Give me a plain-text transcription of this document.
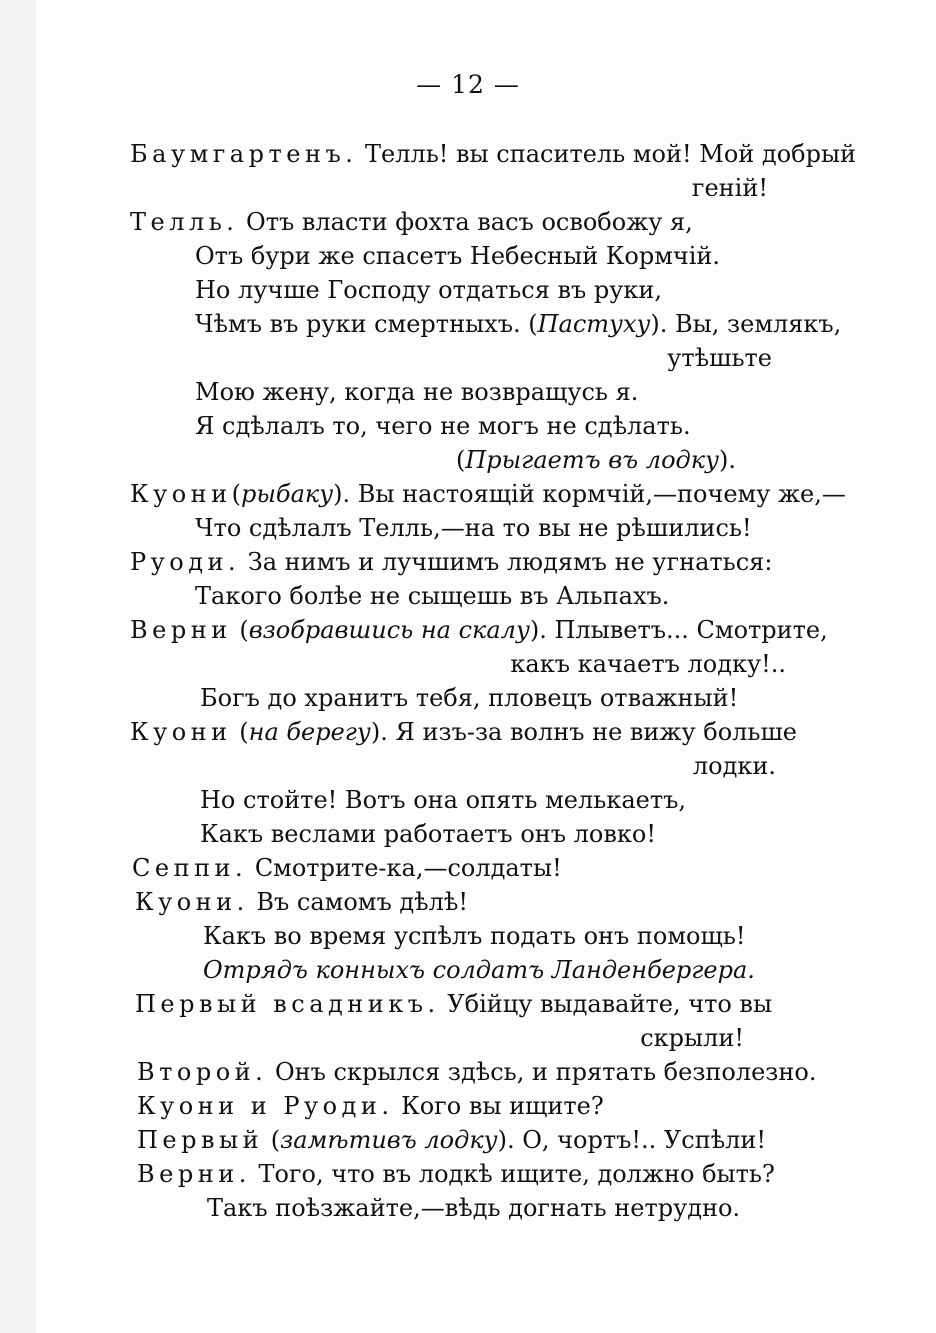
— 12 —
Баумгартенъ. Телль! вы спаситель мой! Мой добрый
геній!
Телль. Отъ власти фохта васъ освобожу я,
Отъ бури же спасетъ Небесный Кормчій.
Но лучше Господу отдаться въ руки,
Чѣмъ въ руки смертныхъ. (Пастуху). Вы, землякъ,
утѣшьте
Мою жену, когда не возвращусь я.
Я сдѣлалъ то, чего не могъ не сдѣлать.
(Прыгаетъ въ лодку).
Куони(рыбаку). Вы настоящій кормчій,—почему же,—
Что сдѣлалъ Телль,—на то вы не рѣшились!
Руоди. За нимъ и лучшимъ людямъ не угнаться:
Такого болѣе не сыщешь въ Альпахъ.
Верни (взобравшись на скалу). Плыветъ... Смотрите,
какъ качаетъ лодку!..
Богъ до хранитъ тебя, пловецъ отважный!
Куони (на берегу). Я изъ-за волнъ не вижу больше
лодки.
Но стойте! Вотъ она опять мелькаетъ,
Какъ веслами работаетъ онъ ловко!
Сеппи. Смотрите-ка,—солдаты!
Куони. Въ самомъ дѣлѣ!
Какъ во время успѣлъ подать онъ помощь!
Отрядъ конныхъ солдатъ Ланденбергера.
Первый всадникъ. Убійцу выдавайте, что вы
скрыли!
Второй. Онъ скрылся здѣсь, и прятать безполезно.
Куони и Руоди. Кого вы ищите?
Первый (замѣтивъ лодку). О, чортъ!.. Успѣли!
Верни. Того, что въ лодкѣ ищите, должно быть?
Такъ поѣзжайте,—вѣдь догнать нетрудно.
